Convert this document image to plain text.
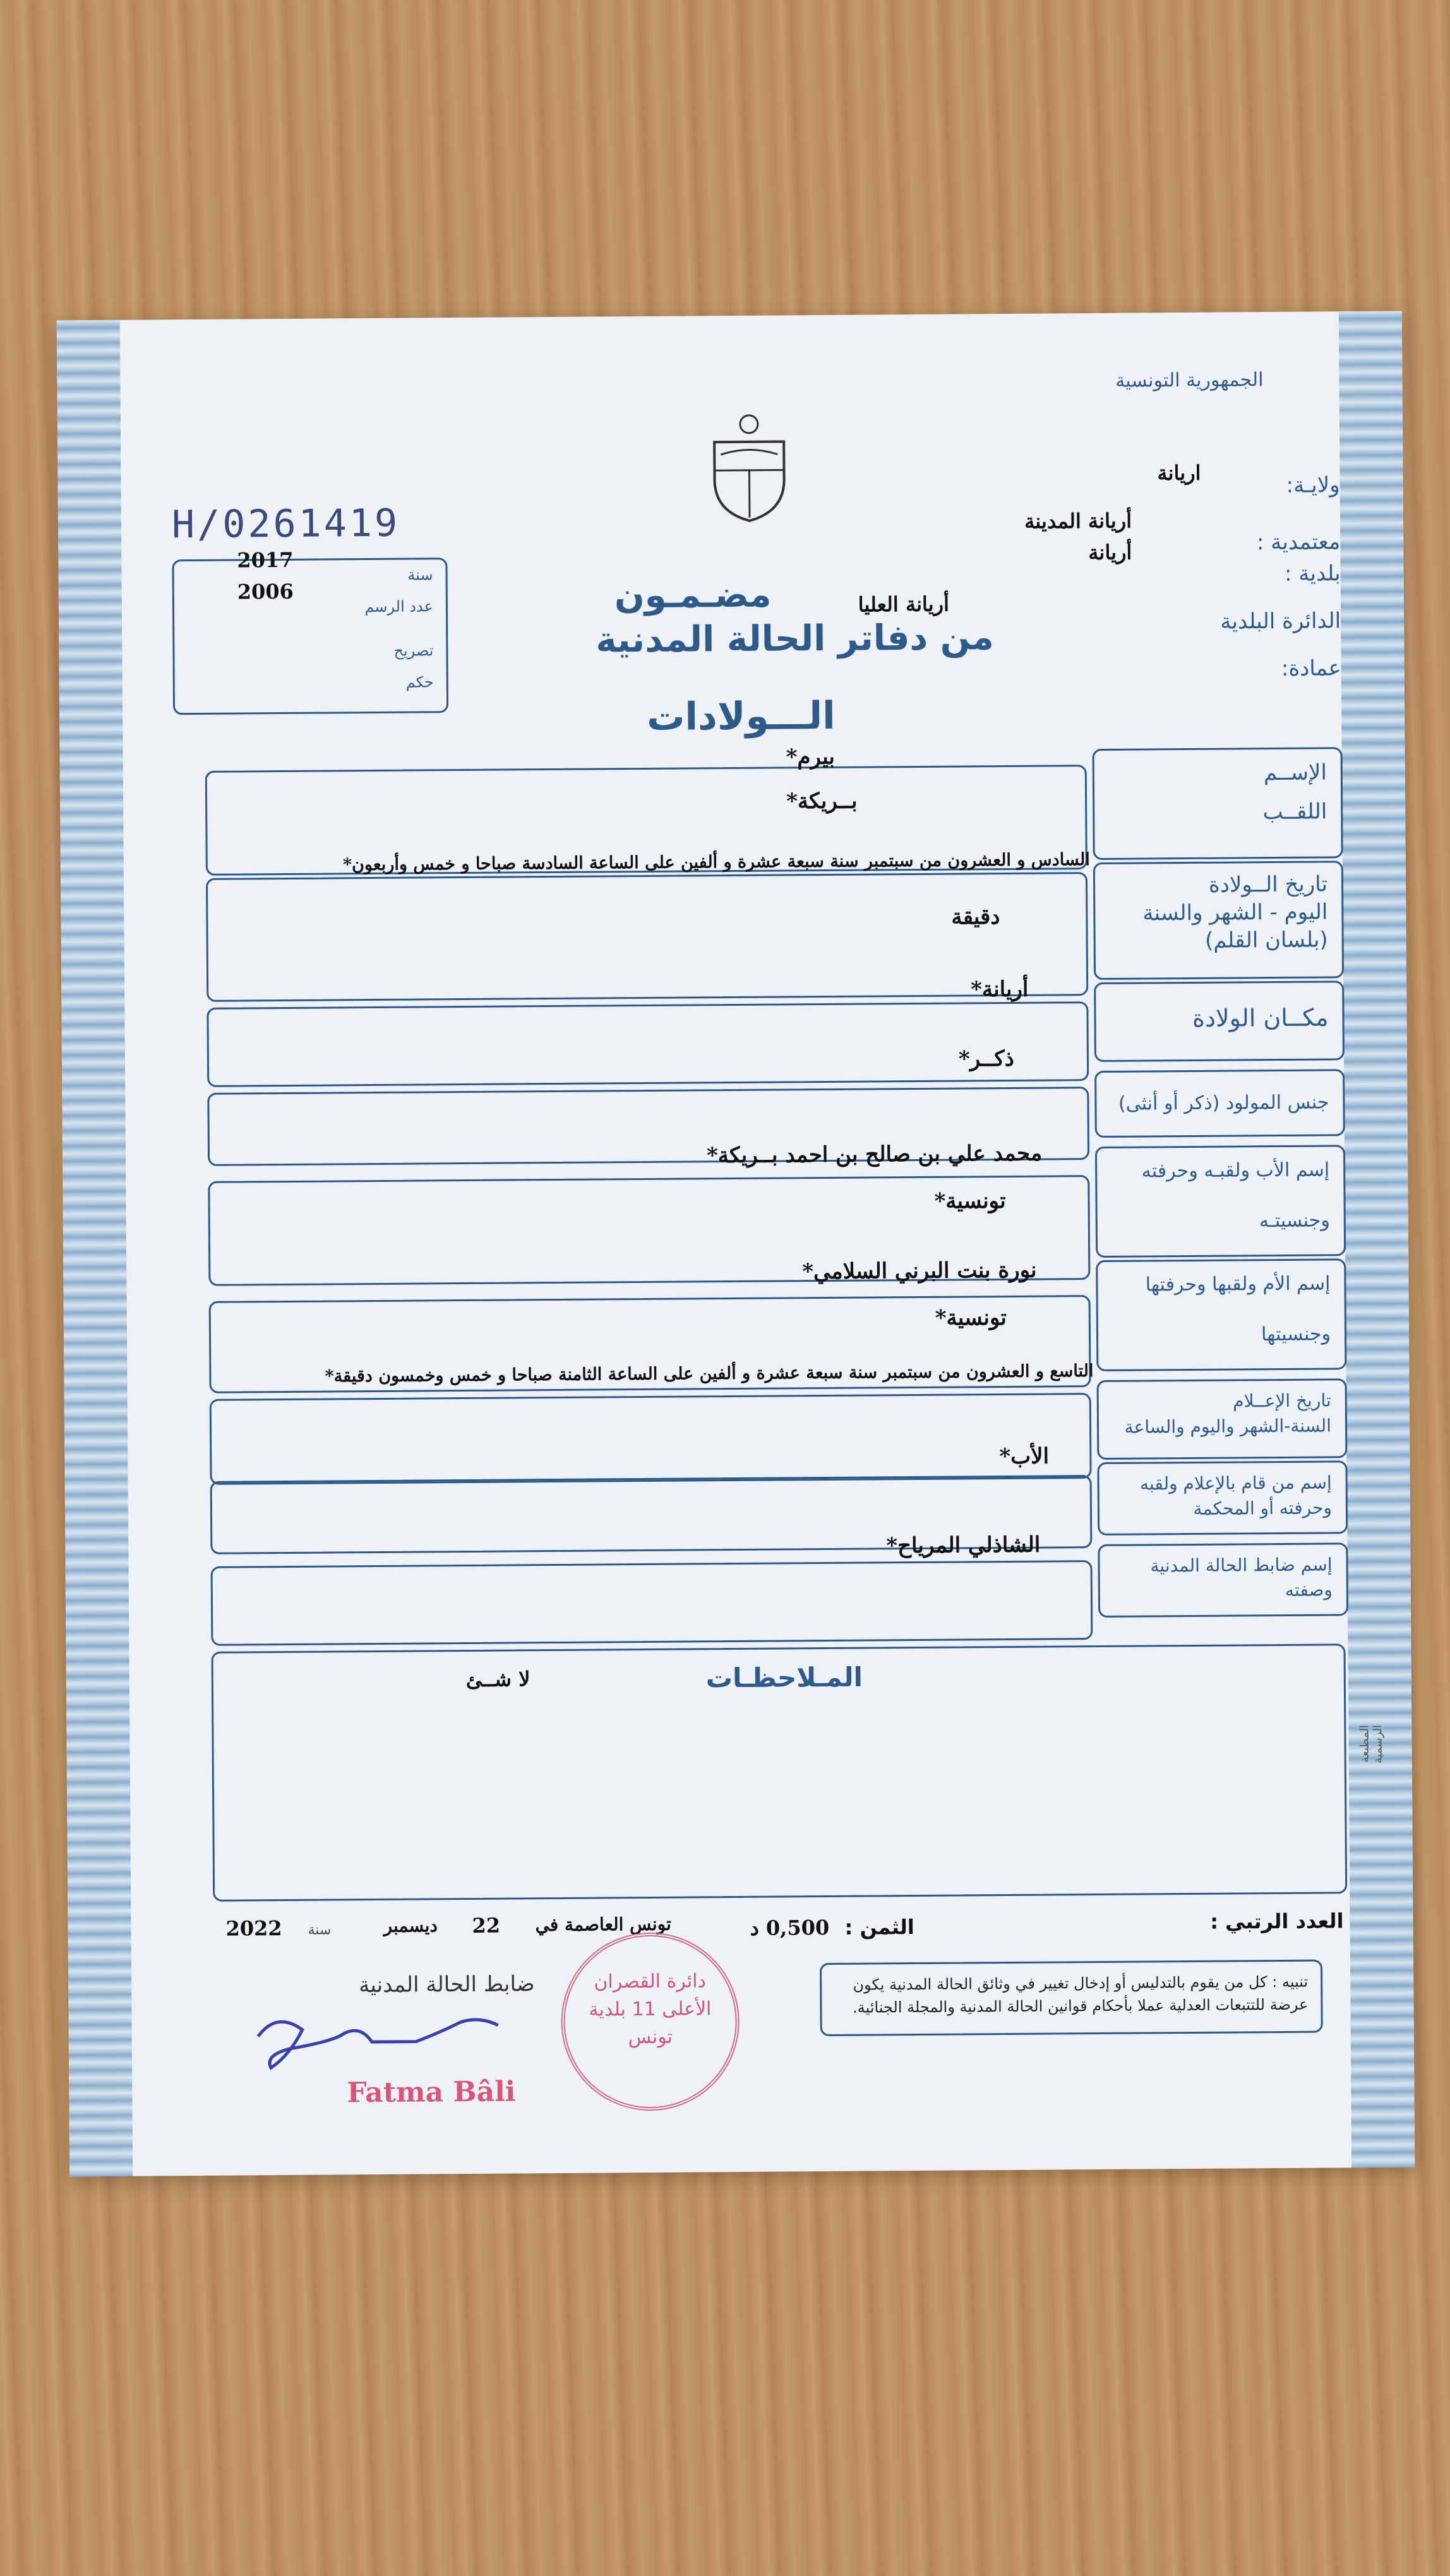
الجمهورية التونسية
ولايـة:
اريانة
معتمدية :
أريانة المدينة
بلدية :
أريانة
الدائرة البلدية
أريانة العليا
عمادة:
H/0261419
سنة
عدد الرسم
تصريح
حكم
2017
2006	مضـمـون
من دفاتر الحالة المدنية
الـــولادات
الإســم
اللقــب
بيرم*
بــريكة*
تاريخ الــولادة
اليوم - الشهر والسنة
(بلسان القلم)
السادس و العشرون من سبتمبر سنة سبعة عشرة و ألفين على الساعة السادسة صباحا و خمس وأربعون*
دقيقة
مكــان الولادة
أريانة*
جنس المولود (ذكر أو أنثى)
ذكــر*
إسم الأب ولقبـه وحرفته
وجنسيتـه
محمد علي بن صالح بن احمد بــريكة*
تونسية*
إسم الأم ولقبها وحرفتها
وجنسيتها
نورة بنت البرني السلامي*
تونسية*
تاريخ الإعــلام
السنة-الشهر واليوم والساعة
التاسع و العشرون من سبتمبر سنة سبعة عشرة و ألفين على الساعة الثامنة صباحا و خمس وخمسون دقيقة*
إسم من قام بالإعلام ولقبه
وحرفته أو المحكمة
الأب*
إسم ضابط الحالة المدنية
وصفته
الشاذلي المرياح*
المـلاحظـات
لا شــئ
المطبعة الرسمية
العدد الرتبي :
الثمن :
0,500 د
تونس العاصمة في
22
ديسمبر
سنة
2022
ضابط الحالة المدنية
Fatma Bâli
دائرة القصران الأعلى 11 بلدية تونس
تنبيه : كل من يقوم بالتدليس أو إدخال تغيير في وثائق الحالة المدنية يكون عرضة للتتبعات العدلية عملا بأحكام قوانين الحالة المدنية والمجلة الجنائية.
